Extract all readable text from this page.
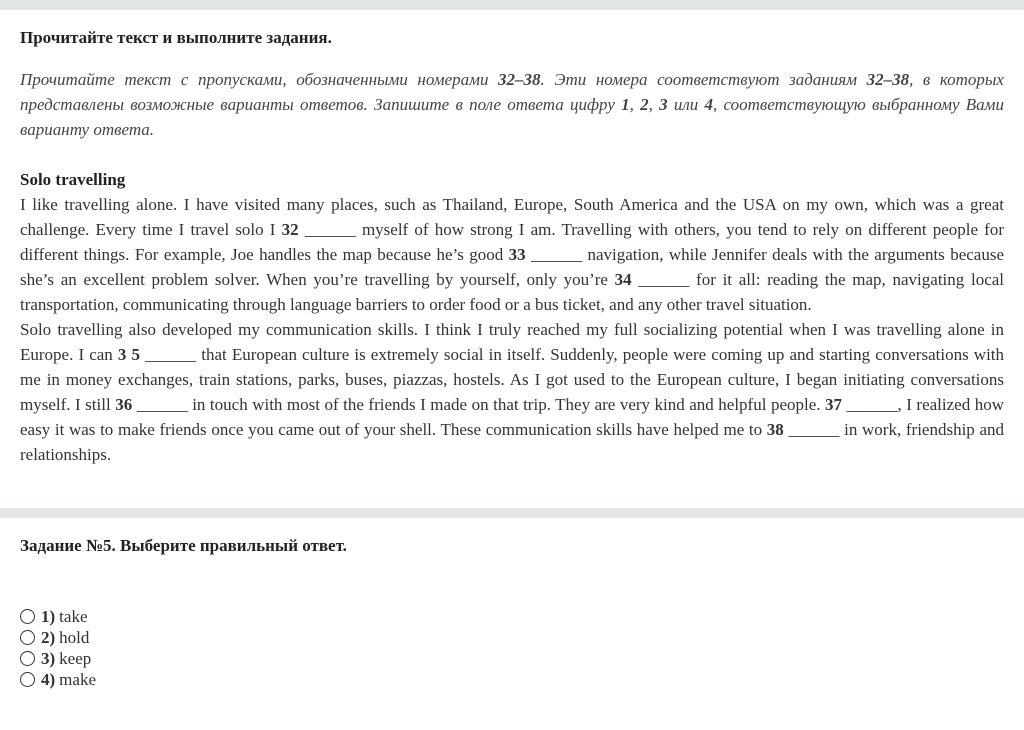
Прочитайте текст и выполните задания.
Прочитайте текст с пропусками, обозначенными номерами 32–38. Эти номера соответствуют заданиям 32–38, в которых представлены возможные варианты ответов. Запишите в поле ответа цифру 1, 2, 3 или 4, соответствующую выбранному Вами варианту ответа.
Solo travelling
I like travelling alone. I have visited many places, such as Thailand, Europe, South America and the USA on my own, which was a great challenge. Every time I travel solo I 32 ______ myself of how strong I am. Travelling with others, you tend to rely on different people for different things. For example, Joe handles the map because he’s good 33 ______ navigation, while Jennifer deals with the arguments because she’s an excellent problem solver. When you’re travelling by yourself, only you’re 34 ______ for it all: reading the map, navigating local transportation, communicating through language barriers to order food or a bus ticket, and any other travel situation.
Solo travelling also developed my communication skills. I think I truly reached my full socializing potential when I was travelling alone in Europe. I can 3 5 ______ that European culture is extremely social in itself. Suddenly, people were coming up and starting conversations with me in money exchanges, train stations, parks, buses, piazzas, hostels. As I got used to the European culture, I began initiating conversations myself. I still 36 ______ in touch with most of the friends I made on that trip. They are very kind and helpful people. 37 ______, I realized how easy it was to make friends once you came out of your shell. These communication skills have helped me to 38 ______ in work, friendship and relationships.
Задание №5. Выберите правильный ответ.
1) take
2) hold
3) keep
4) make
